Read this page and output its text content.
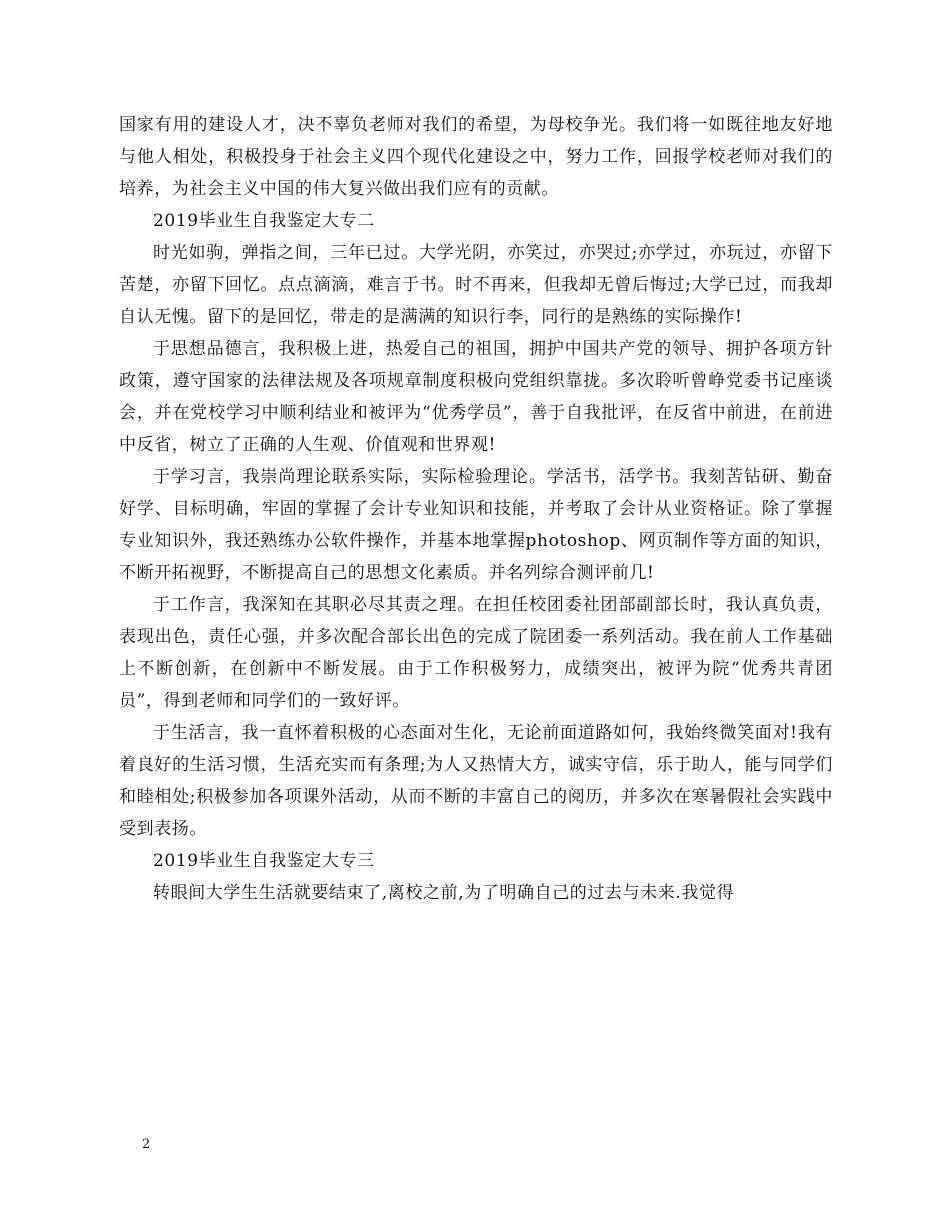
国家有用的建设人才，决不辜负老师对我们的希望，为母校争光。我们将一如既往地友好地与他人相处，积极投身于社会主义四个现代化建设之中，努力工作，回报学校老师对我们的培养，为社会主义中国的伟大复兴做出我们应有的贡献。

2019毕业生自我鉴定大专二

时光如驹，弹指之间，三年已过。大学光阴，亦笑过，亦哭过;亦学过，亦玩过，亦留下苦楚，亦留下回忆。点点滴滴，难言于书。时不再来，但我却无曾后悔过;大学已过，而我却自认无愧。留下的是回忆，带走的是满满的知识行李，同行的是熟练的实际操作!

于思想品德言，我积极上进，热爱自己的祖国，拥护中国共产党的领导、拥护各项方针政策，遵守国家的法律法规及各项规章制度积极向党组织靠拢。多次聆听曾峥党委书记座谈会，并在党校学习中顺利结业和被评为“优秀学员”，善于自我批评，在反省中前进，在前进中反省，树立了正确的人生观、价值观和世界观!

于学习言，我崇尚理论联系实际，实际检验理论。学活书，活学书。我刻苦钻研、勤奋好学、目标明确，牢固的掌握了会计专业知识和技能，并考取了会计从业资格证。除了掌握专业知识外，我还熟练办公软件操作，并基本地掌握photoshop、网页制作等方面的知识，不断开拓视野，不断提高自己的思想文化素质。并名列综合测评前几!

于工作言，我深知在其职必尽其责之理。在担任校团委社团部副部长时，我认真负责，表现出色，责任心强，并多次配合部长出色的完成了院团委一系列活动。我在前人工作基础上不断创新，在创新中不断发展。由于工作积极努力，成绩突出，被评为院“优秀共青团员”，得到老师和同学们的一致好评。

于生活言，我一直怀着积极的心态面对生化，无论前面道路如何，我始终微笑面对!我有着良好的生活习惯，生活充实而有条理;为人又热情大方，诚实守信，乐于助人，能与同学们和睦相处;积极参加各项课外活动，从而不断的丰富自己的阅历，并多次在寒暑假社会实践中受到表扬。

2019毕业生自我鉴定大专三

转眼间大学生生活就要结束了,离校之前,为了明确自己的过去与未来.我觉得

2
